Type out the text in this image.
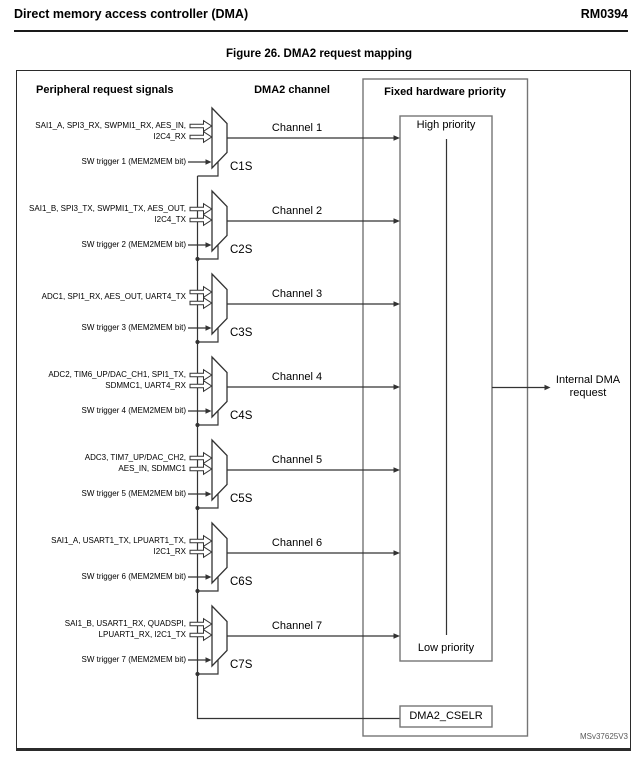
Direct memory access controller (DMA)	RM0394
Figure 26. DMA2 request mapping
Peripheral request signals	DMA2 channel	Fixed hardware priority
High priority
Low priority
DMA2_CSELR
Internal DMA
request
SAI1_A, SPI3_RX, SWPMI1_RX, AES_IN,
I2C4_RX
SW trigger 1 (MEM2MEM bit)
Channel 1
C1S
SAI1_B, SPI3_TX, SWPMI1_TX, AES_OUT,
I2C4_TX
SW trigger 2 (MEM2MEM bit)
Channel 2
C2S
ADC1, SPI1_RX, AES_OUT, UART4_TX
SW trigger 3 (MEM2MEM bit)
Channel 3
C3S
ADC2, TIM6_UP/DAC_CH1, SPI1_TX,
SDMMC1, UART4_RX
SW trigger 4 (MEM2MEM bit)
Channel 4
C4S
ADC3, TIM7_UP/DAC_CH2,
AES_IN, SDMMC1
SW trigger 5 (MEM2MEM bit)
Channel 5
C5S
SAI1_A, USART1_TX, LPUART1_TX,
I2C1_RX
SW trigger 6 (MEM2MEM bit)
Channel 6
C6S
SAI1_B, USART1_RX, QUADSPI,
LPUART1_RX, I2C1_TX
SW trigger 7 (MEM2MEM bit)
Channel 7
C7S
MSv37625V3
